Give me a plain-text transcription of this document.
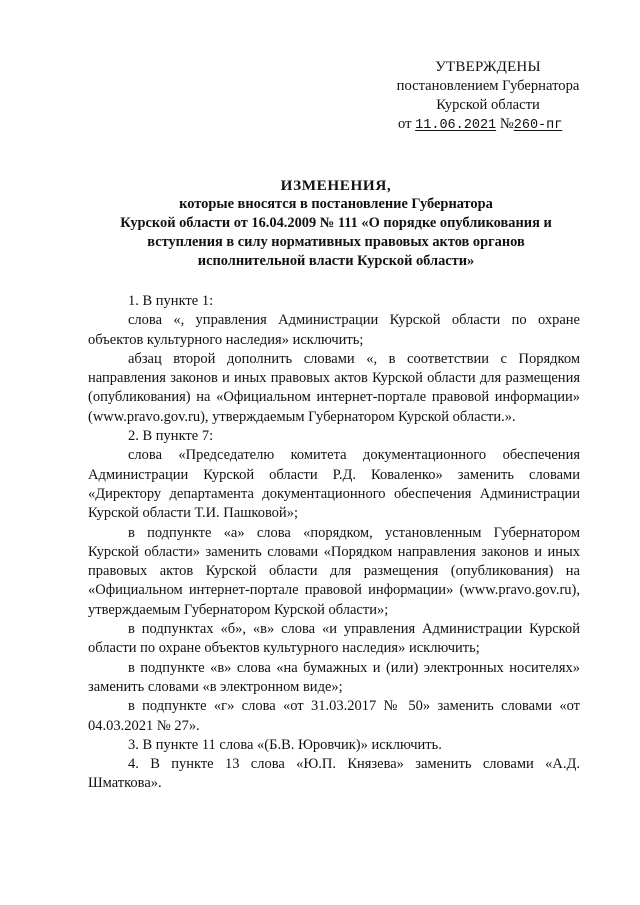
УТВЕРЖДЕНЫ
постановлением Губернатора
Курской области
от 11.06.2021 №260-пг
ИЗМЕНЕНИЯ,
которые вносятся в постановление Губернатора
Курской области от 16.04.2009 № 111 «О порядке опубликования и
вступления в силу нормативных правовых актов органов
исполнительной власти Курской области»

1. В пункте 1:

слова «, управления Администрации Курской области по охране объектов культурного наследия» исключить;

абзац второй дополнить словами «, в соответствии с Порядком направления законов и иных правовых актов Курской области для размещения (опубликования) на «Официальном интернет-портале правовой информации» (www.pravo.gov.ru), утверждаемым Губернатором Курской области.».

2. В пункте 7:

слова «Председателю комитета документационного обеспечения Администрации Курской области Р.Д. Коваленко» заменить словами «Директору департамента документационного обеспечения Администрации Курской области Т.И. Пашковой»;

в подпункте «а» слова «порядком, установленным Губернатором Курской области» заменить словами «Порядком направления законов и иных правовых актов Курской области для размещения (опубликования) на «Официальном интернет-портале правовой информации» (www.pravo.gov.ru), утверждаемым Губернатором Курской области»;

в подпунктах «б», «в» слова «и управления Администрации Курской области по охране объектов культурного наследия» исключить;

в подпункте «в» слова «на бумажных и (или) электронных носителях» заменить словами «в электронном виде»;

в подпункте «г» слова «от 31.03.2017 № 50» заменить словами «от 04.03.2021 № 27».

3. В пункте 11 слова «(Б.В. Юровчик)» исключить.

4. В пункте 13 слова «Ю.П. Князева» заменить словами «А.Д. Шматкова».
